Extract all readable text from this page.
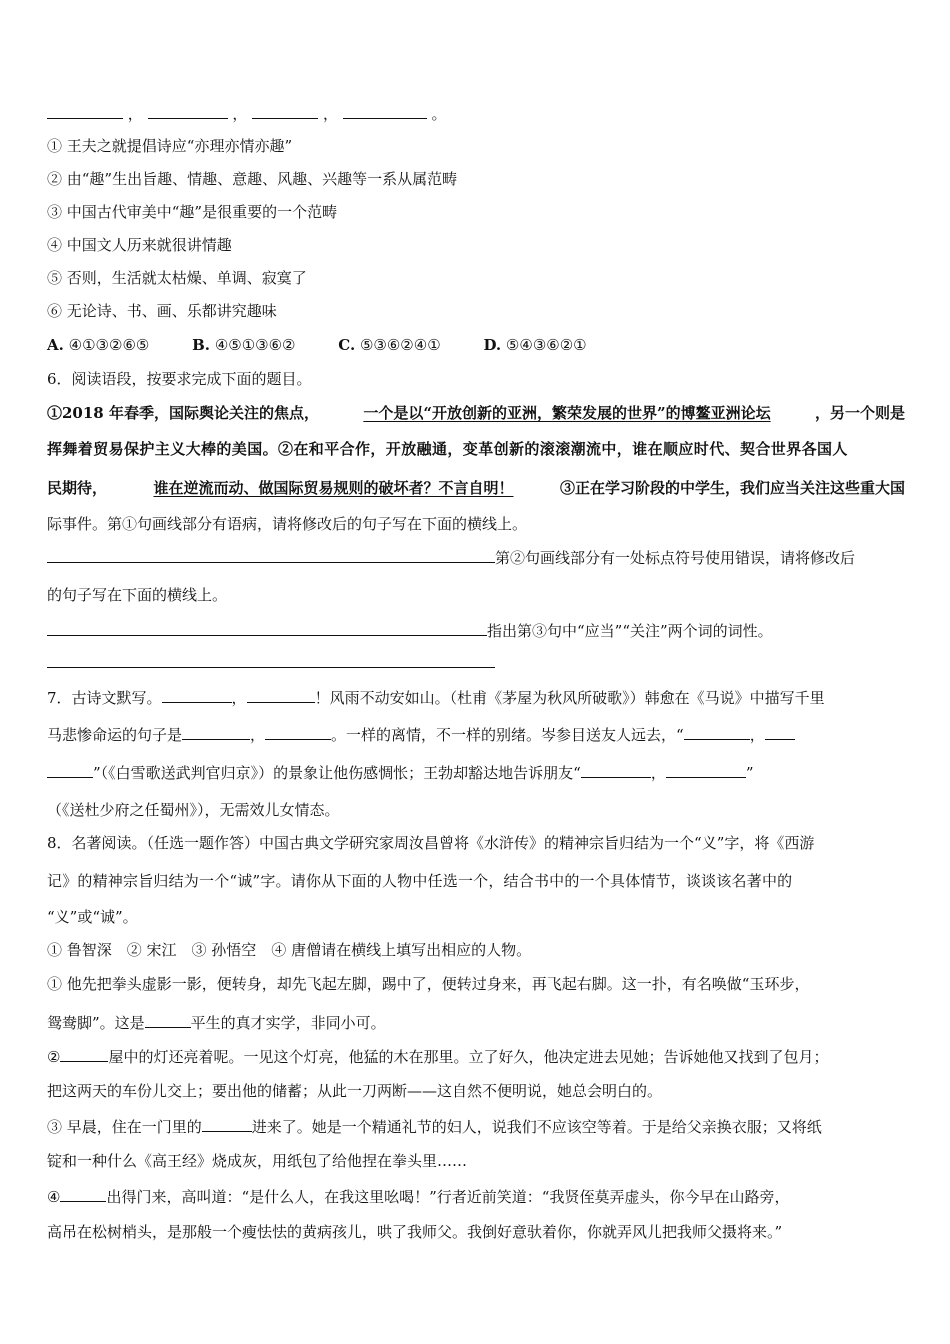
，	，	，	。
① 王夫之就提倡诗应“亦理亦情亦趣”
② 由“趣”生出旨趣、情趣、意趣、风趣、兴趣等一系从属范畴
③ 中国古代审美中“趣”是很重要的一个范畴
④ 中国文人历来就很讲情趣
⑤ 否则，生活就太枯燥、单调、寂寞了
⑥ 无论诗、书、画、乐都讲究趣味
A. ④①③②⑥⑤	B. ④⑤①③⑥②	C. ⑤③⑥②④①	D. ⑤④③⑥②①
6．阅读语段，按要求完成下面的题目。
①2018 年春季，国际舆论关注的焦点，	一个是以“开放创新的亚洲，繁荣发展的世界”的博鳌亚洲论坛	，另一个则是
挥舞着贸易保护主义大棒的美国。②在和平合作，开放融通，变革创新的滚滚潮流中，谁在顺应时代、契合世界各国人
民期待，	谁在逆流而动、做国际贸易规则的破坏者？不言自明！	③正在学习阶段的中学生，我们应当关注这些重大国
际事件。第①句画线部分有语病，请将修改后的句子写在下面的横线上。
第②句画线部分有一处标点符号使用错误，请将修改后
的句子写在下面的横线上。
指出第③句中“应当”“关注”两个词的词性。
7．古诗文默写。	，	！风雨不动安如山。（杜甫《茅屋为秋风所破歌》）韩愈在《马说》中描写千里
马悲惨命运的句子是	，	。一样的离情，不一样的别绪。岑参目送友人远去，“	，
”（《白雪歌送武判官归京》）的景象让他伤感惆怅；王勃却豁达地告诉朋友“	，	”
（《送杜少府之任蜀州》），无需效儿女情态。
8．名著阅读。（任选一题作答）中国古典文学研究家周汝昌曾将《水浒传》的精神宗旨归结为一个“义”字，将《西游
记》的精神宗旨归结为一个“诚”字。请你从下面的人物中任选一个，结合书中的一个具体情节，谈谈该名著中的
“义”或“诚”。
① 鲁智深　② 宋江　③ 孙悟空　④ 唐僧请在横线上填写出相应的人物。
① 他先把拳头虚影一影，便转身，却先飞起左脚，踢中了，便转过身来，再飞起右脚。这一扑，有名唤做“玉环步，
鸳鸯脚”。这是	平生的真才实学，非同小可。
②	屋中的灯还亮着呢。一见这个灯亮，他猛的木在那里。立了好久，他决定进去见她；告诉她他又找到了包月；
把这两天的车份儿交上；要出他的储蓄；从此一刀两断——这自然不便明说，她总会明白的。
③ 早晨，住在一门里的	进来了。她是一个精通礼节的妇人，说我们不应该空等着。于是给父亲换衣服；又将纸
锭和一种什么《高王经》烧成灰，用纸包了给他捏在拳头里……
④	出得门来，高叫道：“是什么人，在我这里吆喝！”行者近前笑道：“我贤侄莫弄虚头，你今早在山路旁，
高吊在松树梢头，是那般一个瘦怯怯的黄病孩儿，哄了我师父。我倒好意驮着你，你就弄风儿把我师父摄将来。”
